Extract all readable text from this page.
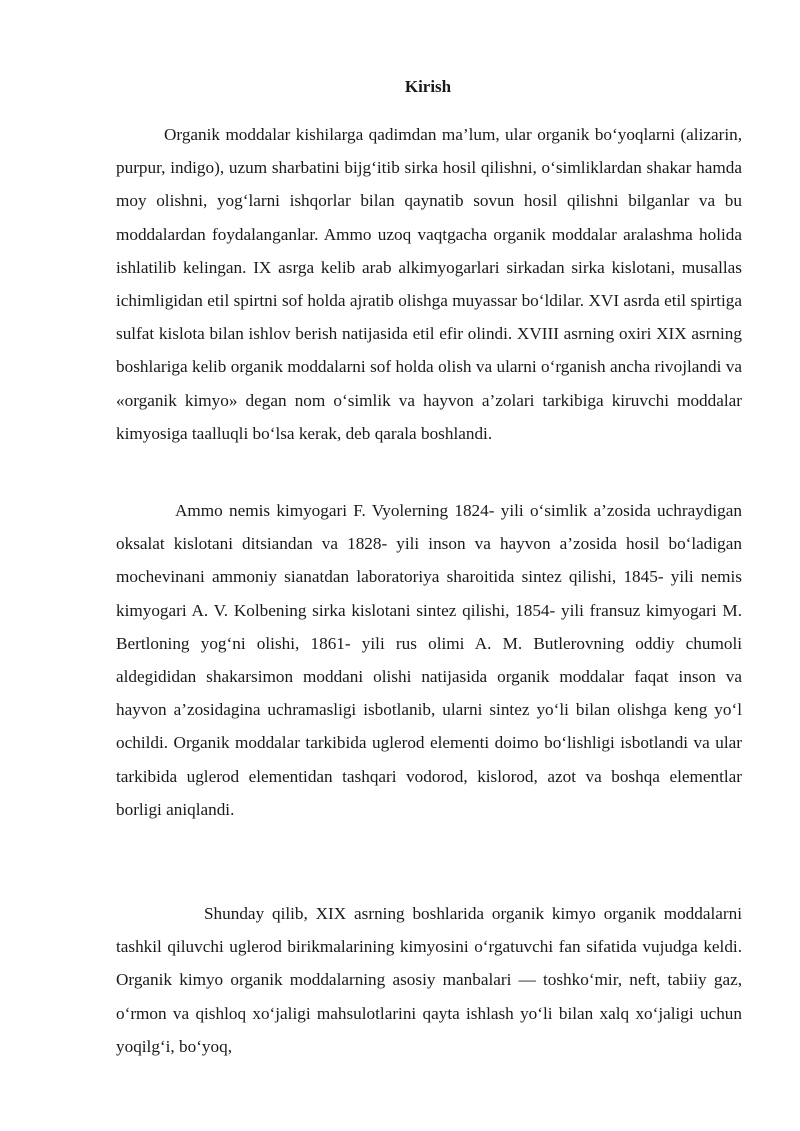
Kirish

Organik moddalar kishilarga qadimdan ma’lum, ular organik bo‘yoqlarni (alizarin, purpur, indigo), uzum sharbatini bijg‘itib sirka hosil qilishni, o‘simliklardan shakar hamda moy olishni, yog‘larni ishqorlar bilan qaynatib sovun hosil qilishni bilganlar va bu moddalardan foydalanganlar. Ammo uzoq vaqtgacha organik moddalar aralashma holida ishlatilib kelingan. IX asrga kelib arab alkimyogarlari sirkadan sirka kislotani, musallas ichimligidan etil spirtni sof holda ajratib olishga muyassar bo‘ldilar. XVI asrda etil spirtiga sulfat kislota bilan ishlov berish natijasida etil efir olindi. XVIII asrning oxiri XIX asrning boshlariga kelib organik moddalarni sof holda olish va ularni o‘rganish ancha rivojlandi va «organik kimyo» degan nom o‘simlik va hayvon a’zolari tarkibiga kiruvchi moddalar kimyosiga taalluqli bo‘lsa kerak, deb qarala boshlandi.

Ammo nemis kimyogari F. Vyolerning 1824- yili o‘simlik a’zosida uchraydigan oksalat kislotani ditsiandan va 1828- yili inson va hayvon a’zosida hosil bo‘ladigan mochevinani ammoniy sianatdan laboratoriya sharoitida sintez qilishi, 1845- yili nemis kimyogari A. V. Kolbening sirka kislotani sintez qilishi, 1854- yili fransuz kimyogari M. Bertloning yog‘ni olishi, 1861- yili rus olimi A. M. Butlerovning oddiy chumoli aldegididan shakarsimon moddani olishi natijasida organik moddalar faqat inson va hayvon a’zosidagina uchramasligi isbotlanib, ularni sintez yo‘li bilan olishga keng yo‘l ochildi. Organik moddalar tarkibida uglerod elementi doimo bo‘lishligi isbotlandi va ular tarkibida uglerod elementidan tashqari vodorod, kislorod, azot va boshqa elementlar borligi aniqlandi.

Shunday qilib, XIX asrning boshlarida organik kimyo organik moddalarni tashkil qiluvchi uglerod birikmalarining kimyosini o‘rgatuvchi fan sifatida vujudga keldi. Organik kimyo organik moddalarning asosiy manbalari — toshko‘mir, neft, tabiiy gaz, o‘rmon va qishloq xo‘jaligi mahsulotlarini qayta ishlash yo‘li bilan xalq xo‘jaligi uchun yoqilg‘i, bo‘yoq,
